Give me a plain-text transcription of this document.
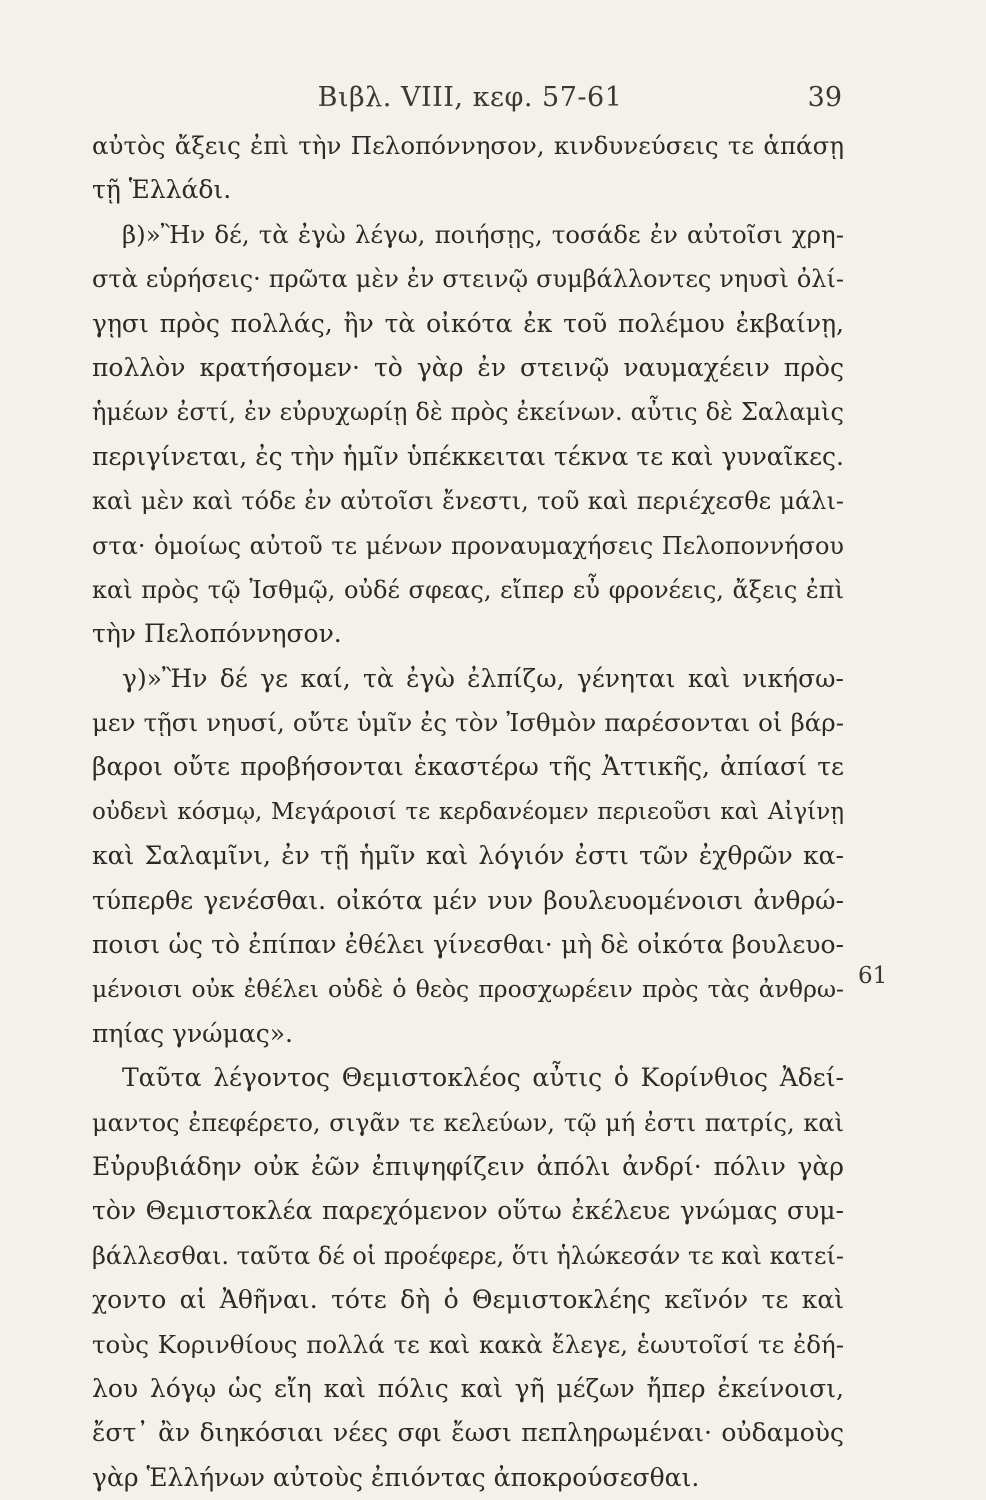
Βιβλ. VIII, κεφ. 57-61	39
61
αὐτὸς ἄξεις ἐπὶ τὴν Πελοπόννησον, κινδυνεύσεις τε ἁπάσῃ
τῇ Ἑλλάδι.
β)»Ἢν δέ, τὰ ἐγὼ λέγω, ποιήσῃς, τοσάδε ἐν αὐτοῖσι χρη-
στὰ εὑρήσεις· πρῶτα μὲν ἐν στεινῷ συμβάλλοντες νηυσὶ ὀλί-
γῃσι πρὸς πολλάς, ἢν τὰ οἰκότα ἐκ τοῦ πολέμου ἐκβαίνῃ,
πολλὸν κρατήσομεν· τὸ γὰρ ἐν στεινῷ ναυμαχέειν πρὸς
ἡμέων ἐστί, ἐν εὐρυχωρίῃ δὲ πρὸς ἐκείνων. αὖτις δὲ Σαλαμὶς
περιγίνεται, ἐς τὴν ἡμῖν ὑπέκκειται τέκνα τε καὶ γυναῖκες.
καὶ μὲν καὶ τόδε ἐν αὐτοῖσι ἔνεστι, τοῦ καὶ περιέχεσθε μάλι-
στα· ὁμοίως αὐτοῦ τε μένων προναυμαχήσεις Πελοποννήσου
καὶ πρὸς τῷ Ἰσθμῷ, οὐδέ σφεας, εἴπερ εὖ φρονέεις, ἄξεις ἐπὶ
τὴν Πελοπόννησον.
γ)»Ἢν δέ γε καί, τὰ ἐγὼ ἐλπίζω, γένηται καὶ νικήσω-
μεν τῇσι νηυσί, οὔτε ὑμῖν ἐς τὸν Ἰσθμὸν παρέσονται οἱ βάρ-
βαροι οὔτε προβήσονται ἑκαστέρω τῆς Ἀττικῆς, ἀπίασί τε
οὐδενὶ κόσμῳ, Μεγάροισί τε κερδανέομεν περιεοῦσι καὶ Αἰγίνῃ
καὶ Σαλαμῖνι, ἐν τῇ ἡμῖν καὶ λόγιόν ἐστι τῶν ἐχθρῶν κα-
τύπερθε γενέσθαι. οἰκότα μέν νυν βουλευομένοισι ἀνθρώ-
ποισι ὡς τὸ ἐπίπαν ἐθέλει γίνεσθαι· μὴ δὲ οἰκότα βουλευο-
μένοισι οὐκ ἐθέλει οὐδὲ ὁ θεὸς προσχωρέειν πρὸς τὰς ἀνθρω-
πηίας γνώμας».
Ταῦτα λέγοντος Θεμιστοκλέος αὖτις ὁ Κορίνθιος Ἀδεί-
μαντος ἐπεφέρετο, σιγᾶν τε κελεύων, τῷ μή ἐστι πατρίς, καὶ
Εὐρυβιάδην οὐκ ἐῶν ἐπιψηφίζειν ἀπόλι ἀνδρί· πόλιν γὰρ
τὸν Θεμιστοκλέα παρεχόμενον οὕτω ἐκέλευε γνώμας συμ-
βάλλεσθαι. ταῦτα δέ οἱ προέφερε, ὅτι ἡλώκεσάν τε καὶ κατεί-
χοντο αἱ Ἀθῆναι. τότε δὴ ὁ Θεμιστοκλέης κεῖνόν τε καὶ
τοὺς Κορινθίους πολλά τε καὶ κακὰ ἔλεγε, ἑωυτοῖσί τε ἐδή-
λου λόγῳ ὡς εἴη καὶ πόλις καὶ γῆ μέζων ἤπερ ἐκείνοισι,
ἔστ᾽ ἂν διηκόσιαι νέες σφι ἔωσι πεπληρωμέναι· οὐδαμοὺς
γὰρ Ἑλλήνων αὐτοὺς ἐπιόντας ἀποκρούσεσθαι.
